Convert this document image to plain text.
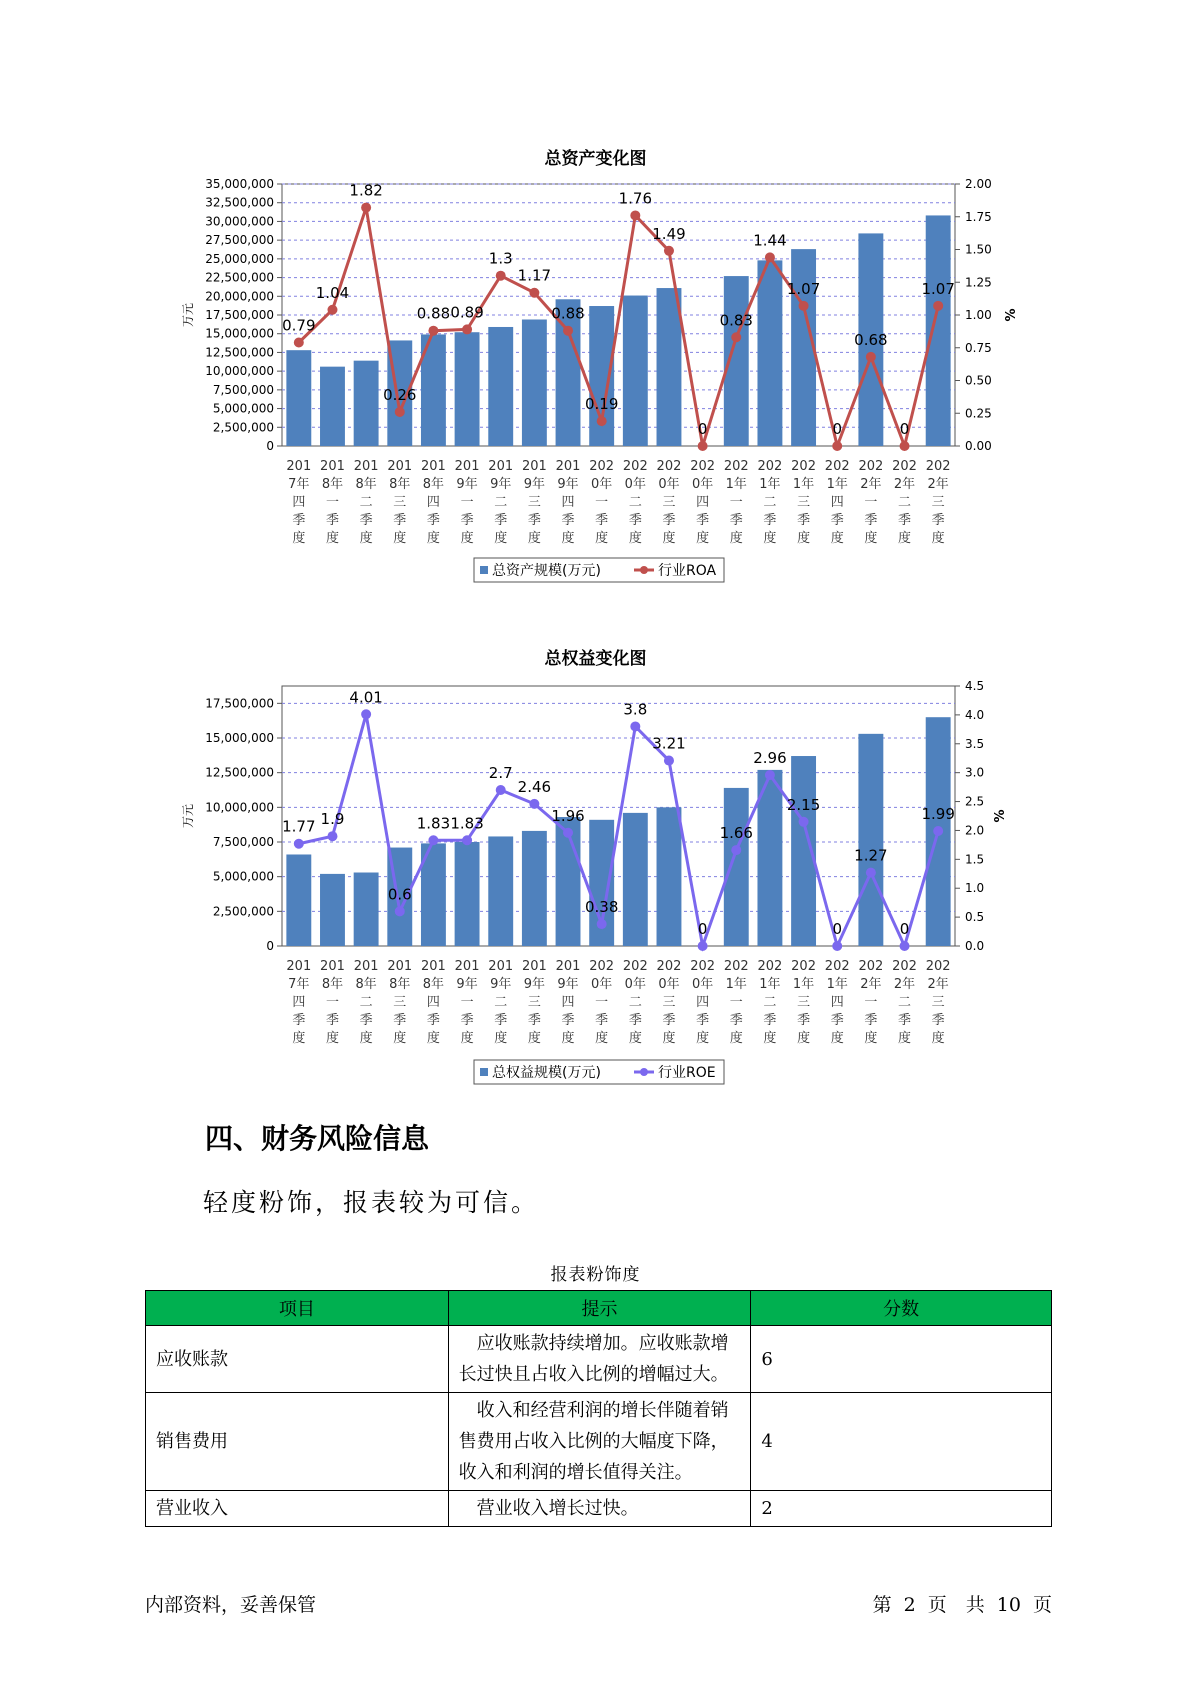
总资产变化图
0
2,500,000
5,000,000
7,500,000
10,000,000
12,500,000
15,000,000
17,500,000
20,000,000
22,500,000
25,000,000
27,500,000
30,000,000
32,500,000
35,000,000
0.00
0.25
0.50
0.75
1.00
1.25
1.50
1.75
2.00
万元	%
0.79
1.04
1.82
0.26
0.88 0.89
1.3
1.17
0.88
0.19
1.76
1.49
0
0.83
1.44
1.07
0
0.68
0
1.07
201
7年
四
季
度
201
8年
一
季
度
201
8年
二
季
度
201
8年
三
季
度
201
8年
四
季
度
201
9年
一
季
度
201
9年
二
季
度
201
9年
三
季
度
201
9年
四
季
度
202
0年
一
季
度
202
0年
二
季
度
202
0年
三
季
度
202
0年
四
季
度
202
1年
一
季
度
202
1年
二
季
度
202
1年
三
季
度
202
1年
四
季
度
202
2年
一
季
度
202
2年
二
季
度
202
2年
三
季
度
总资产规模(万元)	行业ROA
总权益变化图
0
2,500,000
5,000,000
7,500,000
10,000,000
12,500,000
15,000,000
17,500,000
0.0
0.5
1.0
1.5
2.0
2.5
3.0
3.5
4.0
4.5
万元	%
1.77 1.9
4.01
0.6
1.83 1.83
2.7
2.46
1.96
0.38
3.8
3.21
0
1.66
2.96
2.15
0
1.27
0
1.99
201
7年
四
季
度
201
8年
一
季
度
201
8年
二
季
度
201
8年
三
季
度
201
8年
四
季
度
201
9年
一
季
度
201
9年
二
季
度
201
9年
三
季
度
201
9年
四
季
度
202
0年
一
季
度
202
0年
二
季
度
202
0年
三
季
度
202
0年
四
季
度
202
1年
一
季
度
202
1年
二
季
度
202
1年
三
季
度
202
1年
四
季
度
202
2年
一
季
度
202
2年
二
季
度
202
2年
三
季
度
总权益规模(万元)	行业ROE
四、财务风险信息
轻度粉饰，报表较为可信。
报表粉饰度
项目	提示	分数
应收账款	　应收账款持续增加。应收账款增长过快且占收入比例的增幅过大。	6
销售费用	　收入和经营利润的增长伴随着销售费用占收入比例的大幅度下降，收入和利润的增长值得关注。	4
营业收入	　营业收入增长过快。	2
内部资料，妥善保管	第 2 页　共 10 页
